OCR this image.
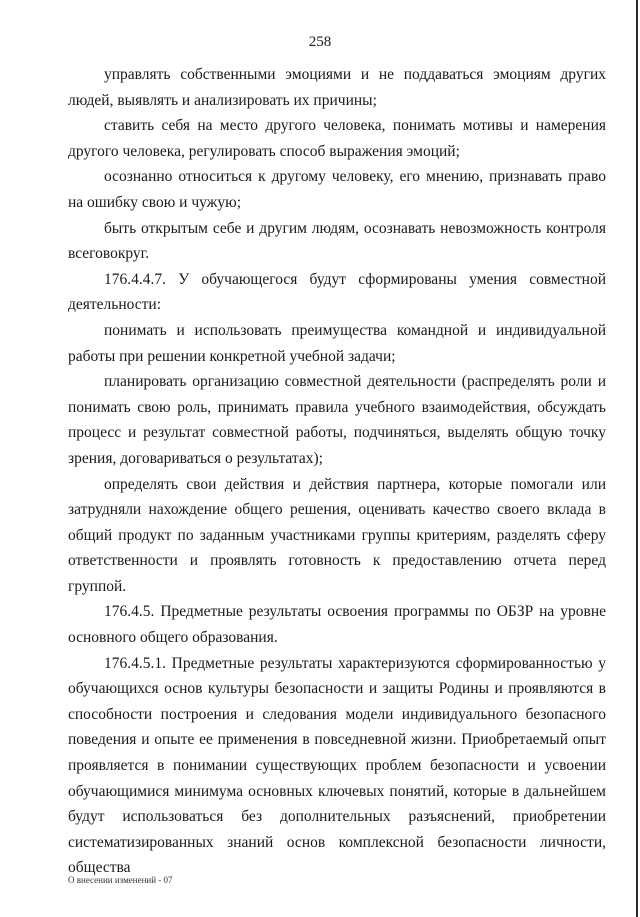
258

управлять собственными эмоциями и не поддаваться эмоциям других людей, выявлять и анализировать их причины;

ставить себя на место другого человека, понимать мотивы и намерения другого человека, регулировать способ выражения эмоций;

осознанно относиться к другому человеку, его мнению, признавать право на ошибку свою и чужую;

быть открытым себе и другим людям, осознавать невозможность контроля всеговокруг.

176.4.4.7. У обучающегося будут сформированы умения совместной деятельности:

понимать и использовать преимущества командной и индивидуальной работы при решении конкретной учебной задачи;

планировать организацию совместной деятельности (распределять роли и понимать свою роль, принимать правила учебного взаимодействия, обсуждать процесс и результат совместной работы, подчиняться, выделять общую точку зрения, договариваться о результатах);

определять свои действия и действия партнера, которые помогали или затрудняли нахождение общего решения, оценивать качество своего вклада в общий продукт по заданным участниками группы критериям, разделять сферу ответственности и проявлять готовность к предоставлению отчета перед группой.

176.4.5. Предметные результаты освоения программы по ОБЗР на уровне основного общего образования.

176.4.5.1. Предметные результаты характеризуются сформированностью у обучающихся основ культуры безопасности и защиты Родины и проявляются в способности построения и следования модели индивидуального безопасного поведения и опыте ее применения в повседневной жизни. Приобретаемый опыт проявляется в понимании существующих проблем безопасности и усвоении обучающимися минимума основных ключевых понятий, которые в дальнейшем будут использоваться без дополнительных разъяснений, приобретении систематизированных знаний основ комплексной безопасности личности, общества

О внесении изменений - 07
